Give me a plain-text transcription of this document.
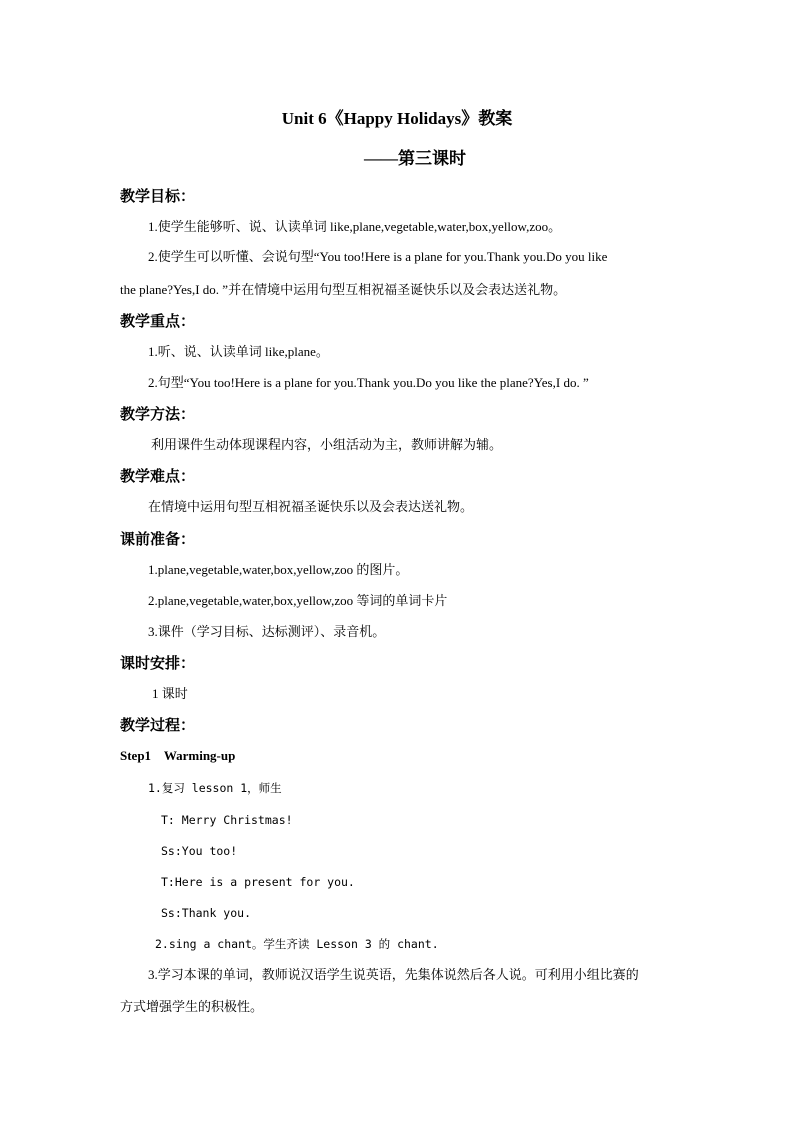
Unit 6《Happy Holidays》教案
——第三课时
教学目标：
1.使学生能够听、说、认读单词 like,plane,vegetable,water,box,yellow,zoo。
2.使学生可以听懂、会说句型“You too!Here is a plane for you.Thank you.Do you like
the plane?Yes,I do. ”并在情境中运用句型互相祝福圣诞快乐以及会表达送礼物。
教学重点：
1.听、说、认读单词 like,plane。
2.句型“You too!Here is a plane for you.Thank you.Do you like the plane?Yes,I do. ”
教学方法：
利用课件生动体现课程内容，小组活动为主，教师讲解为辅。
教学难点：
在情境中运用句型互相祝福圣诞快乐以及会表达送礼物。
课前准备：
1.plane,vegetable,water,box,yellow,zoo 的图片。
2.plane,vegetable,water,box,yellow,zoo 等词的单词卡片
3.课件（学习目标、达标测评）、录音机。
课时安排：
1 课时
教学过程：
Step1    Warming-up
1.复习 lesson 1，师生
T: Merry Christmas!
Ss:You too!
T:Here is a present for you.
Ss:Thank you.
2.sing a chant。学生齐读 Lesson 3 的 chant.
3.学习本课的单词，教师说汉语学生说英语，先集体说然后各人说。可利用小组比赛的
方式增强学生的积极性。
